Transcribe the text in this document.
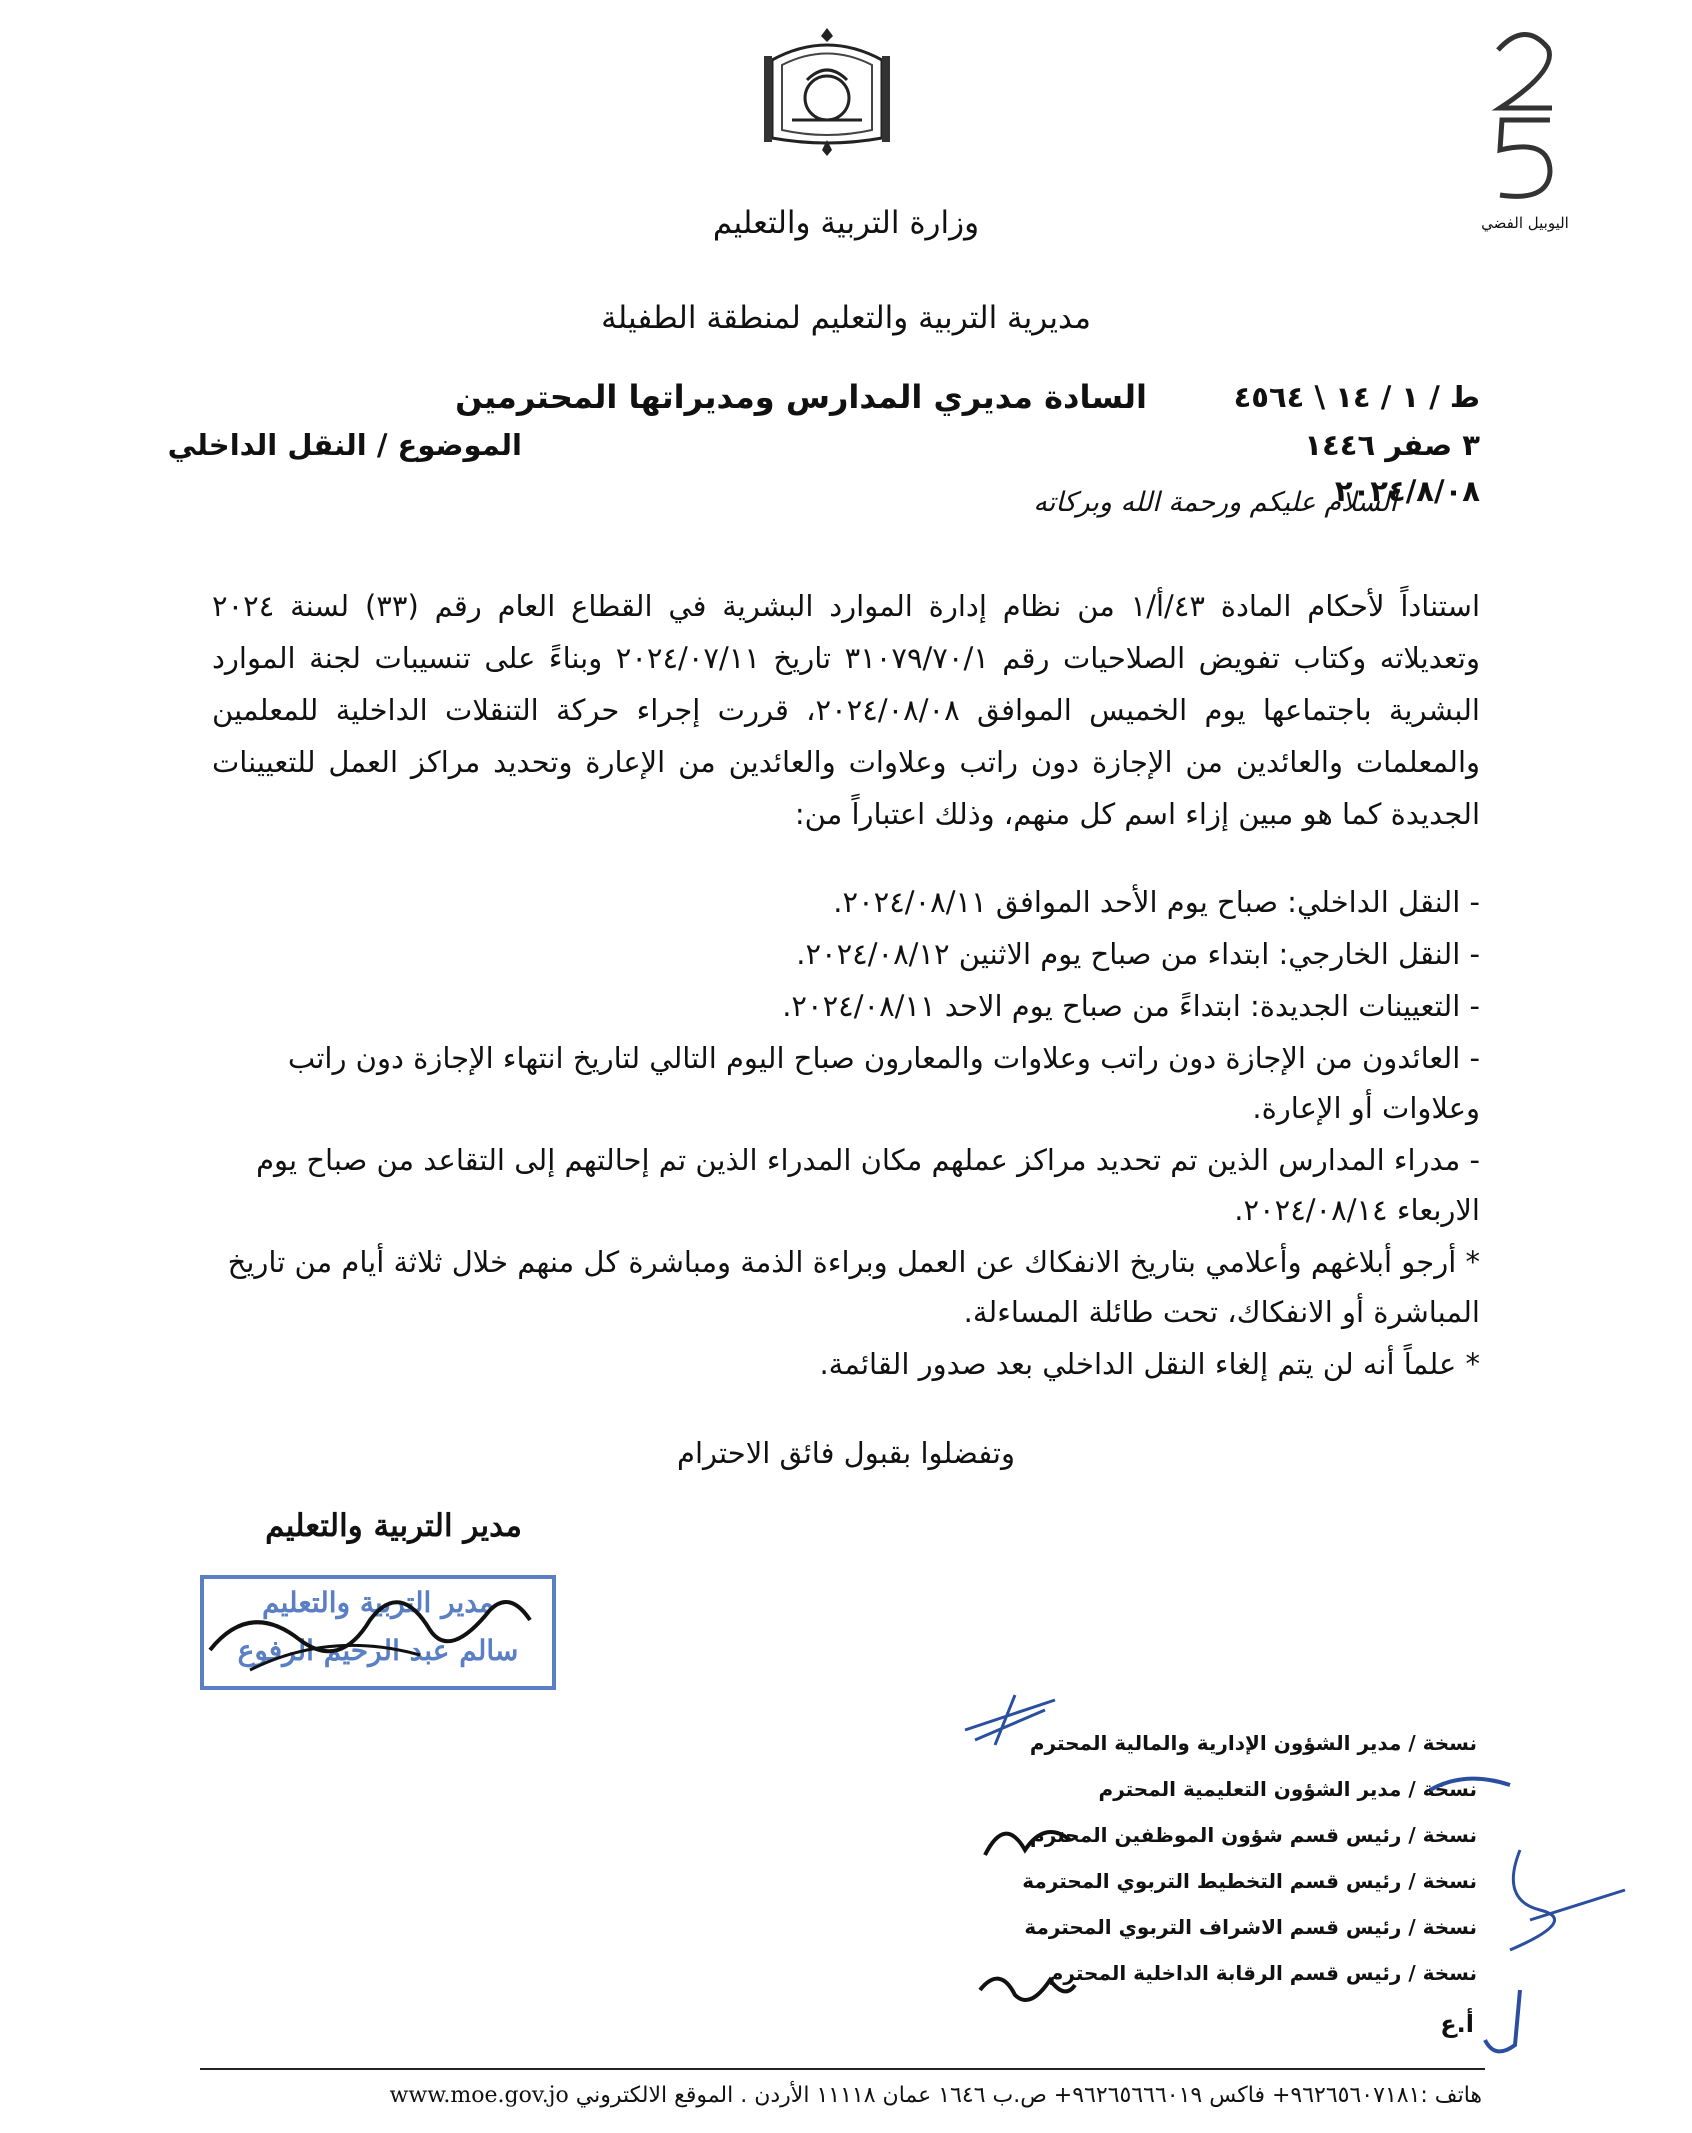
اليوبيل الفضي
وزارة التربية والتعليم
مديرية التربية والتعليم لمنطقة الطفيلة
ط / ١ / ١٤ \ ٤٥٦٤
السادة مديري المدارس ومديراتها المحترمين
٣ صفر ١٤٤٦
الموضوع / النقل الداخلي
٢٠٢٤/٨/٠٨
السلام عليكم ورحمة الله وبركاته
استناداً لأحكام المادة ٤٣/أ/١ من نظام إدارة الموارد البشرية في القطاع العام رقم (٣٣) لسنة ٢٠٢٤ وتعديلاته وكتاب تفويض الصلاحيات رقم ٣١٠٧٩/٧٠/١ تاريخ ٢٠٢٤/٠٧/١١ وبناءً على تنسيبات لجنة الموارد البشرية باجتماعها يوم الخميس الموافق ٢٠٢٤/٠٨/٠٨، قررت إجراء حركة التنقلات الداخلية للمعلمين والمعلمات والعائدين من الإجازة دون راتب وعلاوات والعائدين من الإعارة وتحديد مراكز العمل للتعيينات الجديدة كما هو مبين إزاء اسم كل منهم، وذلك اعتباراً من:
- النقل الداخلي: صباح يوم الأحد الموافق ٢٠٢٤/٠٨/١١.
- النقل الخارجي: ابتداء من صباح يوم الاثنين ٢٠٢٤/٠٨/١٢.
- التعيينات الجديدة: ابتداءً من صباح يوم الاحد ٢٠٢٤/٠٨/١١.
- العائدون من الإجازة دون راتب وعلاوات والمعارون صباح اليوم التالي لتاريخ انتهاء الإجازة دون راتب وعلاوات أو الإعارة.
- مدراء المدارس الذين تم تحديد مراكز عملهم مكان المدراء الذين تم إحالتهم إلى التقاعد من صباح يوم الاربعاء ٢٠٢٤/٠٨/١٤.
* أرجو أبلاغهم وأعلامي بتاريخ الانفكاك عن العمل وبراءة الذمة ومباشرة كل منهم خلال ثلاثة أيام من تاريخ المباشرة أو الانفكاك، تحت طائلة المساءلة.
* علماً أنه لن يتم إلغاء النقل الداخلي بعد صدور القائمة.
وتفضلوا بقبول فائق الاحترام
مدير التربية والتعليم
مدير التربية والتعليم
سالم عبد الرحيم الرفوع
نسخة / مدير الشؤون الإدارية والمالية المحترم
نسخة / مدير الشؤون التعليمية المحترم
نسخة / رئيس قسم شؤون الموظفين المحترم
نسخة / رئيس قسم التخطيط التربوي المحترمة
نسخة / رئيس قسم الاشراف التربوي المحترمة
نسخة / رئيس قسم الرقابة الداخلية المحترم
أ.ع
هاتف :٩٦٢٦٥٦٠٧١٨١+ فاكس ٩٦٢٦٥٦٦٦٠١٩+ ص.ب ١٦٤٦ عمان ١١١١٨ الأردن . الموقع الالكتروني www.moe.gov.jo
